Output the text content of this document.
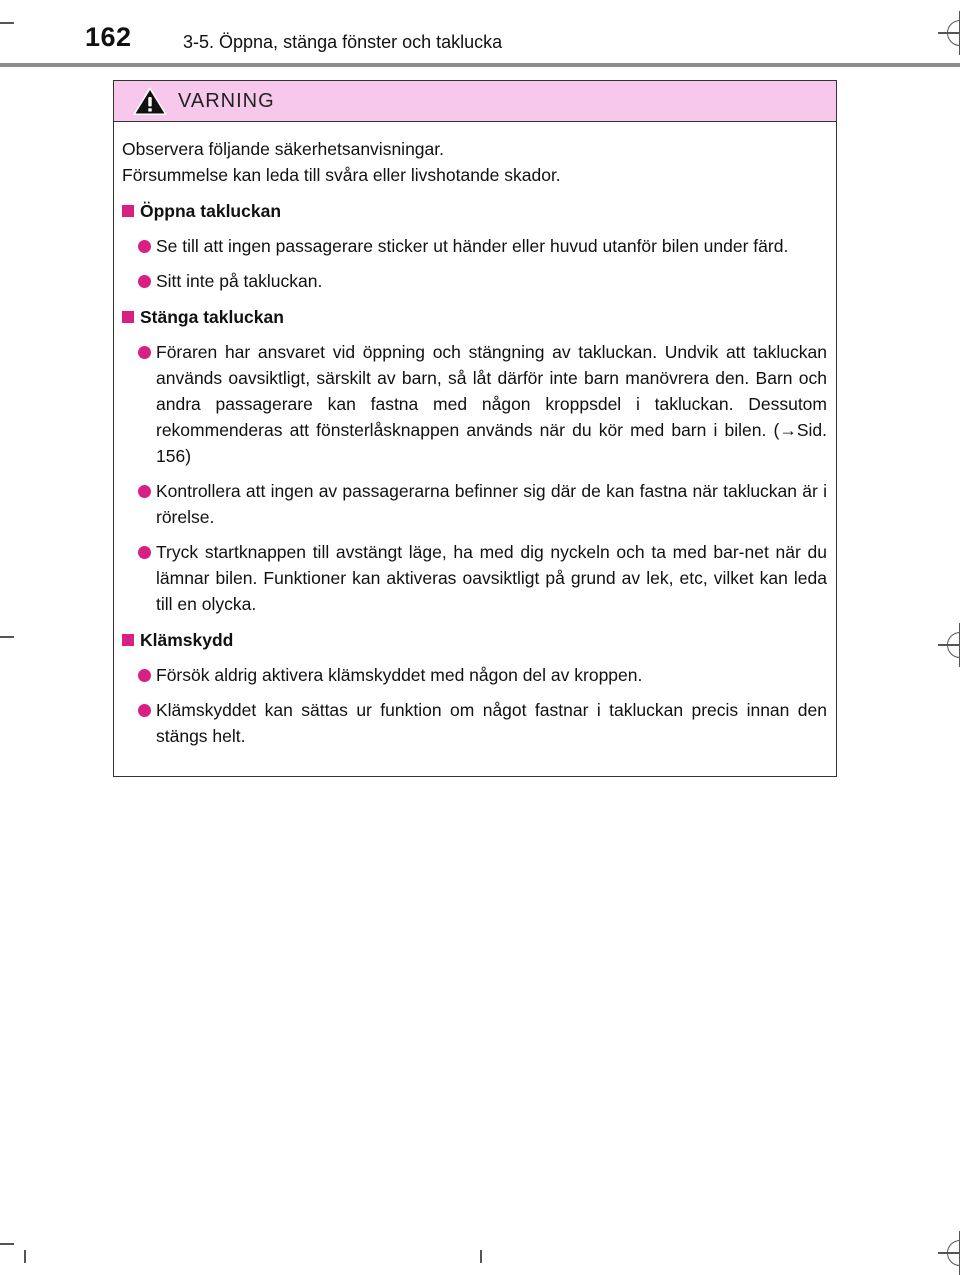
162	3-5. Öppna, stänga fönster och taklucka
VARNING

Observera följande säkerhetsanvisningar.

Försummelse kan leda till svåra eller livshotande skador.

Öppna takluckan
Se till att ingen passagerare sticker ut händer eller huvud utanför bilen under färd.
Sitt inte på takluckan.
Stänga takluckan
Föraren har ansvaret vid öppning och stängning av takluckan. Undvik att takluckan används oavsiktligt, särskilt av barn, så låt därför inte barn manövrera den. Barn och andra passagerare kan fastna med någon kroppsdel i takluckan. Dessutom rekommenderas att fönsterlåsknappen används när du kör med barn i bilen. (→Sid. 156)
Kontrollera att ingen av passagerarna befinner sig där de kan fastna när takluckan är i rörelse.
Tryck startknappen till avstängt läge, ha med dig nyckeln och ta med bar-net när du lämnar bilen. Funktioner kan aktiveras oavsiktligt på grund av lek, etc, vilket kan leda till en olycka.
Klämskydd
Försök aldrig aktivera klämskyddet med någon del av kroppen.
Klämskyddet kan sättas ur funktion om något fastnar i takluckan precis innan den stängs helt.
